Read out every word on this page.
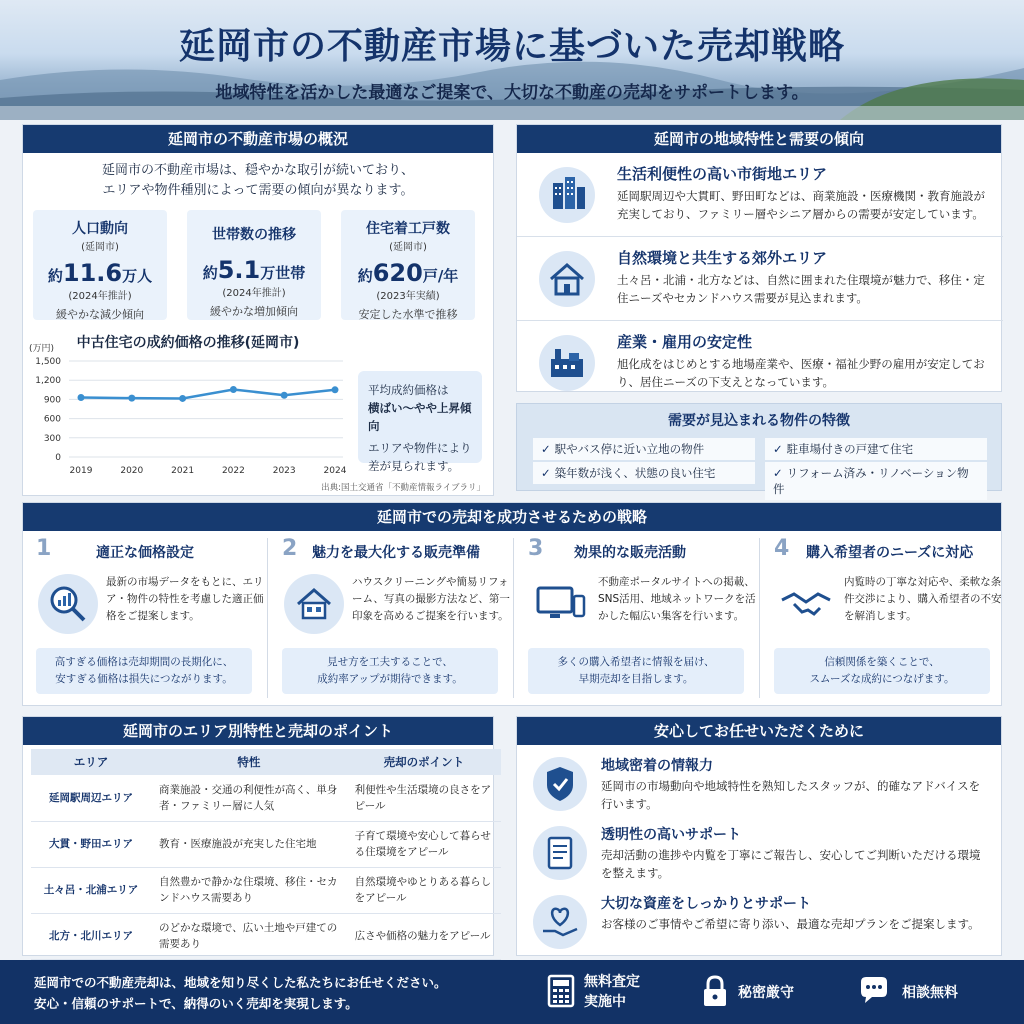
延岡市の不動産市場に基づいた売却戦略
地域特性を活かした最適なご提案で、大切な不動産の売却をサポートします。
延岡市の不動産市場の概況
延岡市の不動産市場は、穏やかな取引が続いており、
エリアや物件種別によって需要の傾向が異なります。
人口動向
(延岡市)
約11.6万人
(2024年推計)
緩やかな減少傾向
世帯数の推移
約5.1万世帯
(2024年推計)
緩やかな増加傾向
住宅着工戸数
(延岡市)
約620戸/年
(2023年実績)
安定した水準で推移
中古住宅の成約価格の推移(延岡市)
(万円)
1,500
1,200
900
600
300
0
2019	2020	2021	2022	2023	2024
平均成約価格は
横ばい〜やや上昇傾向
エリアや物件により
差が見られます。
出典:国土交通省「不動産情報ライブラリ」
延岡市の地域特性と需要の傾向
生活利便性の高い市街地エリア
延岡駅周辺や大貫町、野田町などは、商業施設・医療機関・教育施設が充実しており、ファミリー層やシニア層からの需要が安定しています。
自然環境と共生する郊外エリア
土々呂・北浦・北方などは、自然に囲まれた住環境が魅力で、移住・定住ニーズやセカンドハウス需要が見込まれます。
産業・雇用の安定性
旭化成をはじめとする地場産業や、医療・福祉少野の雇用が安定しており、居住ニーズの下支えとなっています。
需要が見込まれる物件の特徴
✓ 駅やバス停に近い立地の物件	✓ 駐車場付きの戸建て住宅
✓ 築年数が浅く、状態の良い住宅	✓ リフォーム済み・リノベーション物件
延岡市での売却を成功させるための戦略
1	適正な価格設定
最新の市場データをもとに、エリア・物件の特性を考慮した適正価格をご提案します。
高すぎる価格は売却期間の長期化に、
安すぎる価格は損失につながります。
2 魅力を最大化する販売準備
ハウスクリーニングや簡易リフォーム、写真の撮影方法など、第一印象を高めるご提案を行います。
見せ方を工夫することで、
成約率アップが期待できます。
3 効果的な販売活動
不動産ポータルサイトへの掲載、SNS活用、地域ネットワークを活かした幅広い集客を行います。
多くの購入希望者に情報を届け、
早期売却を目指します。
4 購入希望者のニーズに対応
内覧時の丁寧な対応や、柔軟な条件交渉により、購入希望者の不安を解消します。
信頼関係を築くことで、
スムーズな成約につなげます。
延岡市のエリア別特性と売却のポイント
エリア	特性	売却のポイント
延岡駅周辺エリア	商業施設・交通の利便性が高く、単身者・ファミリー層に人気	利便性や生活環境の良さをアピール
大貫・野田エリア	教育・医療施設が充実した住宅地	子育て環境や安心して暮らせる住環境をアピール
土々呂・北浦エリア	自然豊かで静かな住環境、移住・セカンドハウス需要あり	自然環境やゆとりある暮らしをアピール
北方・北川エリア	のどかな環境で、広い土地や戸建ての需要あり	広さや価格の魅力をアピール
安心してお任せいただくために
地域密着の情報力
延岡市の市場動向や地域特性を熟知したスタッフが、的確なアドバイスを行います。
透明性の高いサポート
売却活動の進捗や内覧を丁寧にご報告し、安心してご判断いただける環境を整えます。
大切な資産をしっかりとサポート
お客様のご事情やご希望に寄り添い、最適な売却プランをご提案します。
延岡市での不動産売却は、地域を知り尽くした私たちにお任せください。
安心・信頼のサポートで、納得のいく売却を実現します。
無料査定
実施中
秘密厳守	相談無料
